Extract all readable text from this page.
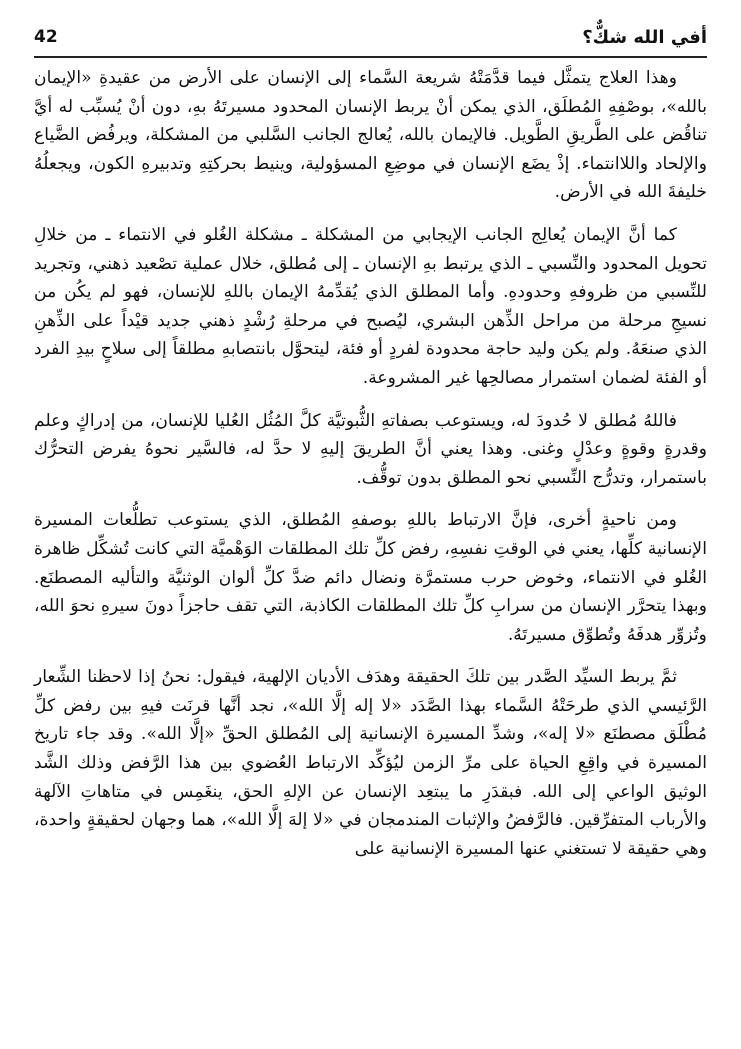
أفي الله شكٌّ؟
42

وهذا العلاج يتمثَّل فيما قدَّمَتْهُ شريعة السَّماء إلى الإنسان على الأرض من عقيدةِ «الإيمان بالله»، بوصْفِهِ المُطلَق، الذي يمكن أنْ يربط الإنسان المحدود مسيرتَهُ بهِ، دون أنْ يُسبِّب له أيَّ تناقُض على الطَّريقِ الطَّويل. فالإيمان بالله، يُعالج الجانب السَّلبي من المشكلة، ويرفُض الضَّياع والإلحاد واللاانتماء. إذْ يضَع الإنسان في موضِعِ المسؤولية، وينيط بحركتِهِ وتدبيرهِ الكون، ويجعلُهُ خليفةَ الله في الأرض.

كما أنَّ الإيمان يُعالِج الجانب الإيجابي من المشكلة ـ مشكلة الغُلو في الانتماء ـ من خلالِ تحويل المحدود والنِّسبي ـ الذي يرتبط بهِ الإنسان ـ إلى مُطلق، خلال عملية تصْعيد ذهني، وتجريد للنِّسبي من ظروفهِ وحدودهِ. وأما المطلق الذي يُقدِّمهُ الإيمان باللهِ للإنسان، فهو لم يكُن من نسيجِ مرحلة من مراحل الذِّهن البشري، ليُصبح في مرحلةِ رُشْدٍ ذهني جديد قيْداً على الذِّهنِ الذي صنعَهُ. ولم يكن وليد حاجة محدودة لفردٍ أو فئة، ليتحوَّل بانتصابهِ مطلقاً إلى سلاحٍ بيدِ الفرد أو الفئة لضمان استمرار مصالحِها غير المشروعة.

فاللهُ مُطلق لا حُدودَ له، ويستوعب بصفاتهِ الثُّبوتيَّة كلَّ المُثُل العُليا للإنسان، من إدراكٍ وعلم وقدرةٍ وقوةٍ وعدْلٍ وغنى. وهذا يعني أنَّ الطريقَ إليهِ لا حدَّ له، فالسَّير نحوهُ يفرض التحرُّك باستمرار، وتدرُّج النِّسبي نحو المطلق بدون توقُّف.

ومن ناحيةٍ أخرى، فإنَّ الارتباط باللهِ بوصفهِ المُطلق، الذي يستوعب تطلُّعات المسيرة الإنسانية كلِّها، يعني في الوقتِ نفسِهِ، رفض كلِّ تلك المطلقات الوَهْميَّة التي كانت تُشكِّل ظاهرة الغُلو في الانتماء، وخوض حرب مستمرَّة ونضال دائم ضدَّ كلِّ ألوان الوثنيَّة والتأليه المصطنَع. وبهذا يتحرَّر الإنسان من سرابِ كلِّ تلك المطلقات الكاذبة، التي تقف حاجزاً دونَ سيرهِ نحوَ الله، وتُزوِّر هدفَهُ وتُطوِّق مسيرتَهُ.

ثمَّ يربط السيِّد الصَّدر بين تلكَ الحقيقة وهدَف الأديان الإلهية، فيقول: نحنُ إذا لاحظنا الشِّعار الرَّئيسي الذي طرحَتْهُ السَّماء بهذا الصَّدَد «لا إله إلَّا الله»، نجد أنَّها قرنَت فيهِ بين رفض كلِّ مُطْلَق مصطنَع «لا إله»، وشدِّ المسيرة الإنسانية إلى المُطلق الحقِّ «إلَّا الله». وقد جاء تاريخ المسيرة في واقِعِ الحياة على مرِّ الزمن ليُؤكِّد الارتباط العُضوي بين هذا الرَّفض وذلك الشَّد الوثيق الواعي إلى الله. فبقدَرِ ما يبتعِد الإنسان عن الإلهِ الحق، ينغَمِس في متاهاتِ الآلهة والأرباب المتفرِّقين. فالرَّفضُ والإثبات المندمجان في «لا إلهَ إلَّا الله»، هما وجهان لحقيقةٍ واحدة، وهي حقيقة لا تستغني عنها المسيرة الإنسانية على
